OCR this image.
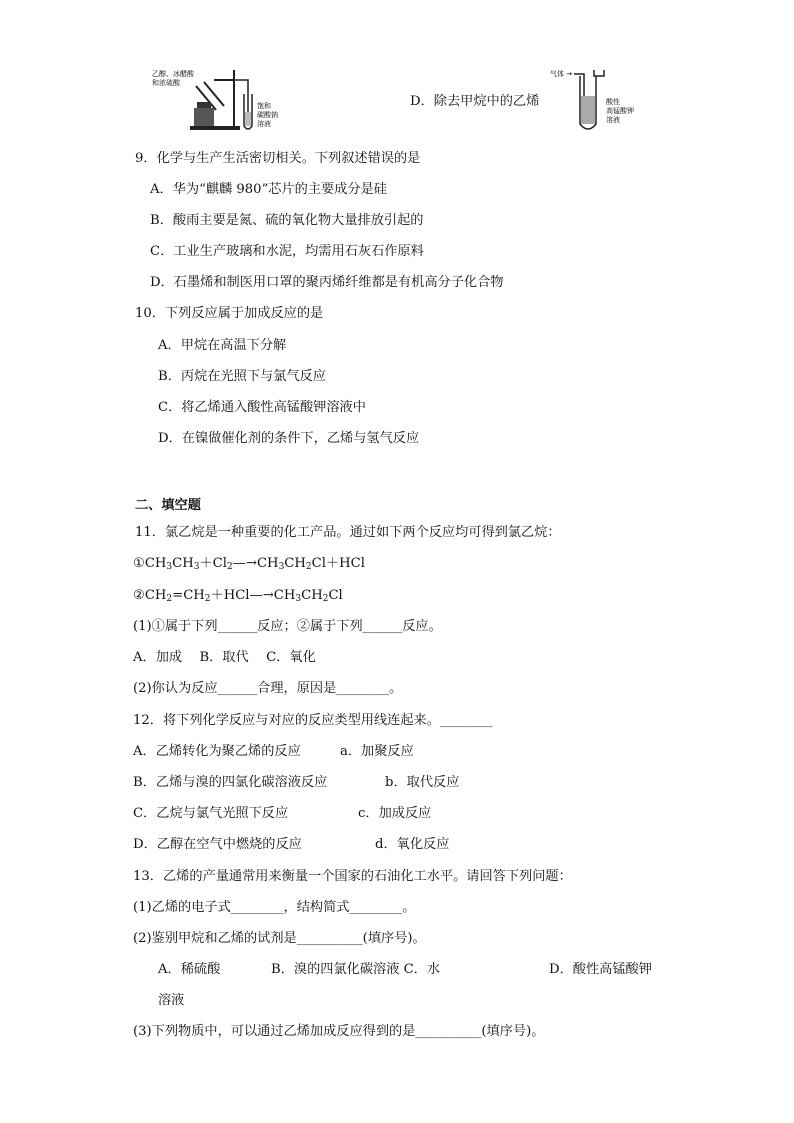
乙醇、冰醋酸
和浓硫酸
饱和
碳酸钠
溶液
D．除去甲烷中的乙烯
气体 →
酸性
高锰酸钾
溶液
9．化学与生产生活密切相关。下列叙述错误的是
A．华为“麒麟 980”芯片的主要成分是硅
B．酸雨主要是氮、硫的氧化物大量排放引起的
C．工业生产玻璃和水泥，均需用石灰石作原料
D．石墨烯和制医用口罩的聚丙烯纤维都是有机高分子化合物
10．下列反应属于加成反应的是
A．甲烷在高温下分解
B．丙烷在光照下与氯气反应
C．将乙烯通入酸性高锰酸钾溶液中
D．在镍做催化剂的条件下，乙烯与氢气反应
二、填空题
11．氯乙烷是一种重要的化工产品。通过如下两个反应均可得到氯乙烷：
$①CH_3CH_3+Cl_2—\to CH_3CH_2Cl+HCl$
$②CH_2=CH_2+HCl—\to CH_3CH_2Cl$
(1)①属于下列______反应；②属于下列______反应。
A．加成　 B．取代　 C．氧化
(2)你认为反应______合理，原因是________。
12．将下列化学反应与对应的反应类型用线连起来。________
A．乙烯转化为聚乙烯的反应	a．加聚反应
B．乙烯与溴的四氯化碳溶液反应	b．取代反应
C．乙烷与氯气光照下反应	c．加成反应
D．乙醇在空气中燃烧的反应	d．氧化反应
13．乙烯的产量通常用来衡量一个国家的石油化工水平。请回答下列问题：
(1)乙烯的电子式________，结构简式________。
(2)鉴别甲烷和乙烯的试剂是__________(填序号)。
A．稀硫酸	B．溴的四氯化碳溶液 C．水	D．酸性高锰酸钾
溶液
(3)下列物质中，可以通过乙烯加成反应得到的是__________(填序号)。
